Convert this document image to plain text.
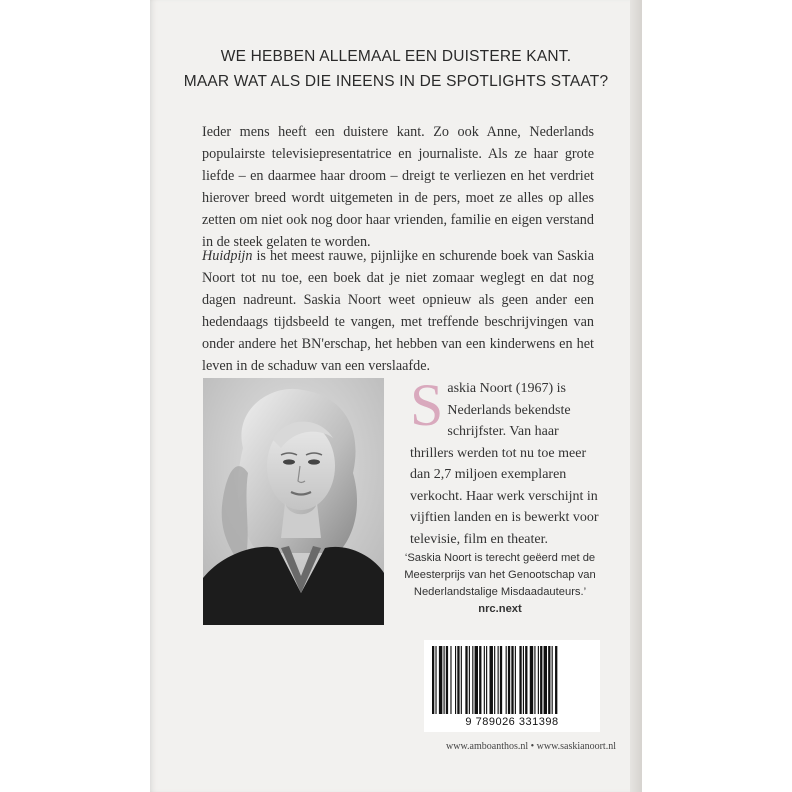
WE HEBBEN ALLEMAAL EEN DUISTERE KANT.
MAAR WAT ALS DIE INEENS IN DE SPOTLIGHTS STAAT?
Ieder mens heeft een duistere kant. Zo ook Anne, Nederlands populairste televisiepresentatrice en journaliste. Als ze haar grote liefde – en daarmee haar droom – dreigt te verliezen en het verdriet hierover breed wordt uitgemeten in de pers, moet ze alles op alles zetten om niet ook nog door haar vrienden, familie en eigen verstand in de steek gelaten te worden.
Huidpijn is het meest rauwe, pijnlijke en schurende boek van Saskia Noort tot nu toe, een boek dat je niet zomaar weglegt en dat nog dagen nadreunt. Saskia Noort weet opnieuw als geen ander een hedendaags tijdsbeeld te vangen, met treffende beschrijvingen van onder andere het BN'erschap, het hebben van een kinderwens en het leven in de schaduw van een verslaafde.
Saskia Noort (1967) is Nederlands bekendste schrijfster. Van haar thrillers werden tot nu toe meer dan 2,7 miljoen exemplaren verkocht. Haar werk verschijnt in vijftien landen en is bewerkt voor televisie, film en theater.
‘Saskia Noort is terecht geëerd met de Meesterprijs van het Genootschap van Nederlandstalige Misdaadauteurs.’
nrc.next
9 789026 331398
www.amboanthos.nl • www.saskianoort.nl
